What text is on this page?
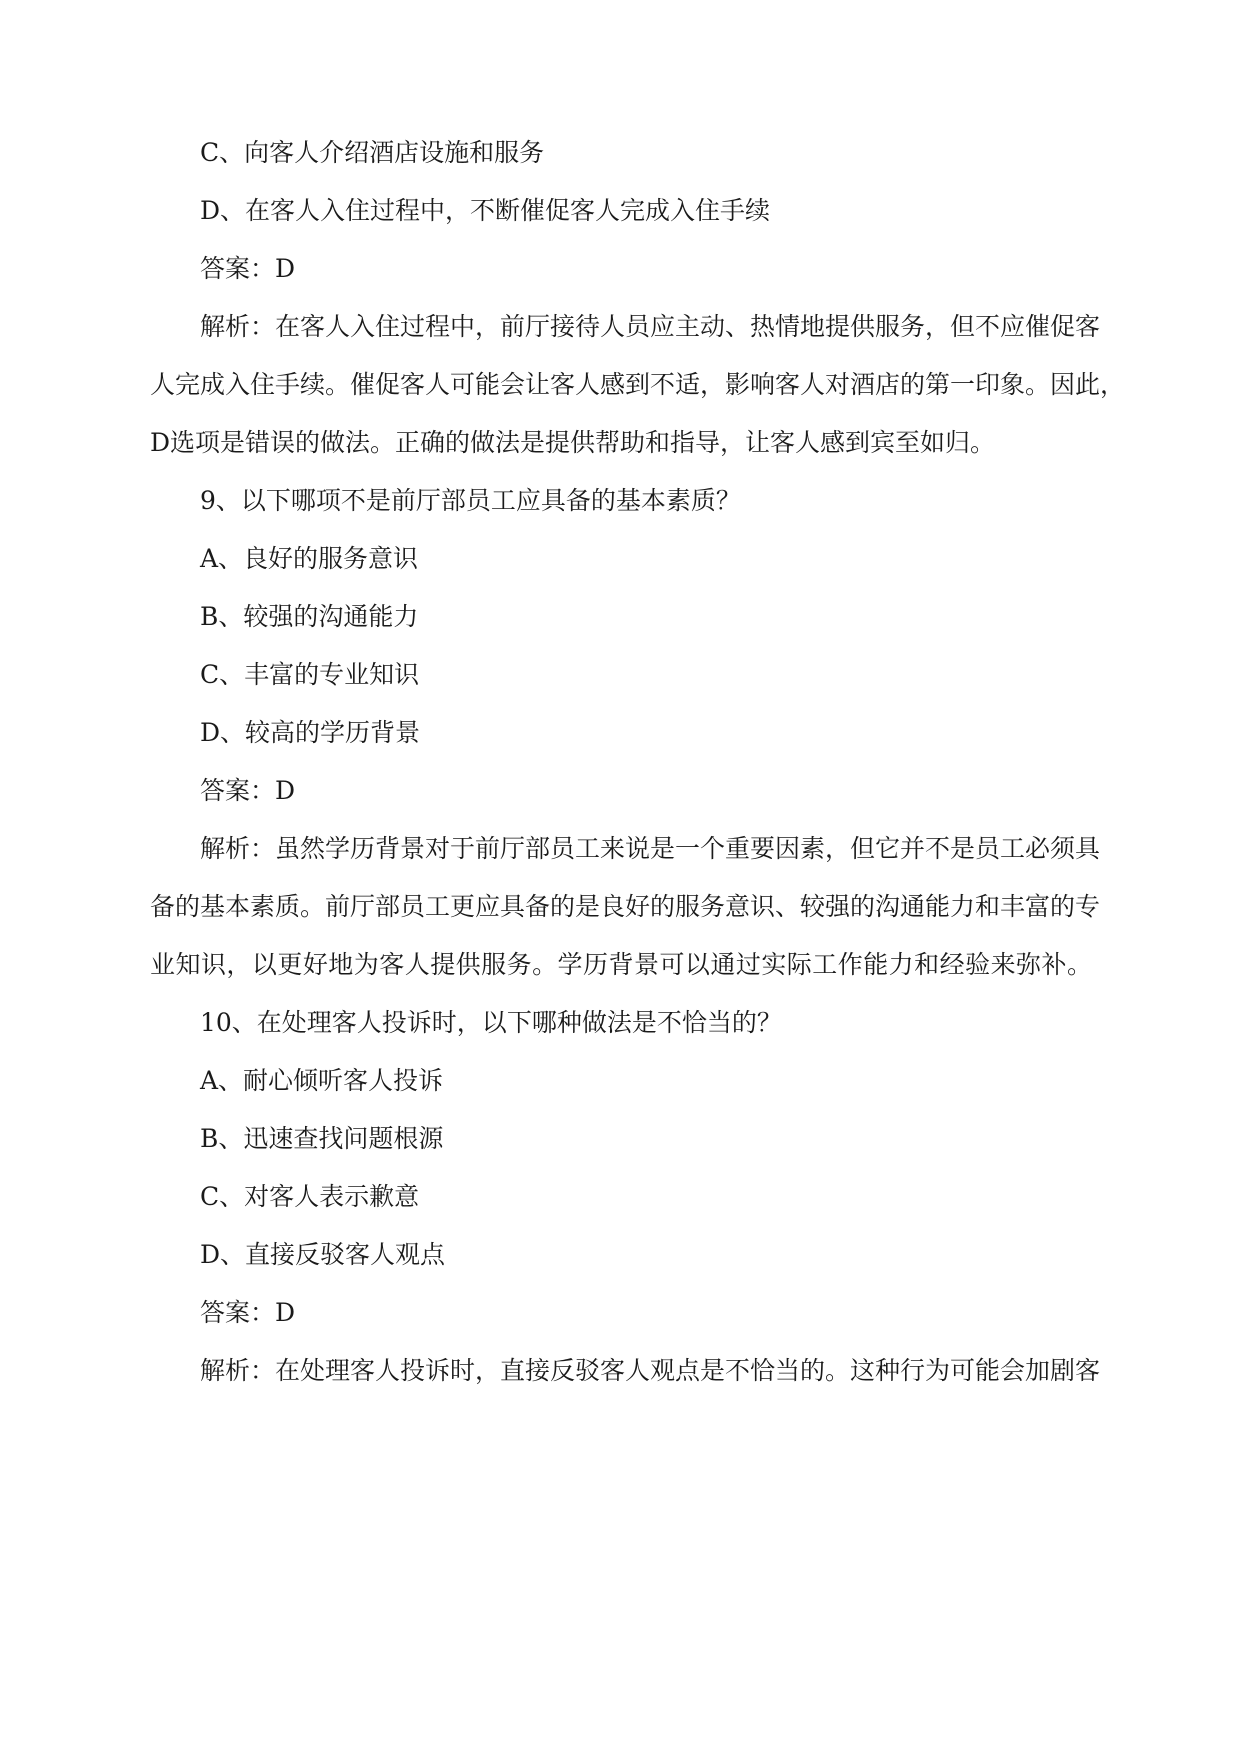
C、向客人介绍酒店设施和服务
D、在客人入住过程中，不断催促客人完成入住手续
答案：D
解析：在客人入住过程中，前厅接待人员应主动、热情地提供服务，但不应催促客
人完成入住手续。催促客人可能会让客人感到不适，影响客人对酒店的第一印象。因此，
D选项是错误的做法。正确的做法是提供帮助和指导，让客人感到宾至如归。
9、以下哪项不是前厅部员工应具备的基本素质？
A、良好的服务意识
B、较强的沟通能力
C、丰富的专业知识
D、较高的学历背景
答案：D
解析：虽然学历背景对于前厅部员工来说是一个重要因素，但它并不是员工必须具
备的基本素质。前厅部员工更应具备的是良好的服务意识、较强的沟通能力和丰富的专
业知识，以更好地为客人提供服务。学历背景可以通过实际工作能力和经验来弥补。
10、在处理客人投诉时，以下哪种做法是不恰当的？
A、耐心倾听客人投诉
B、迅速查找问题根源
C、对客人表示歉意
D、直接反驳客人观点
答案：D
解析：在处理客人投诉时，直接反驳客人观点是不恰当的。这种行为可能会加剧客
